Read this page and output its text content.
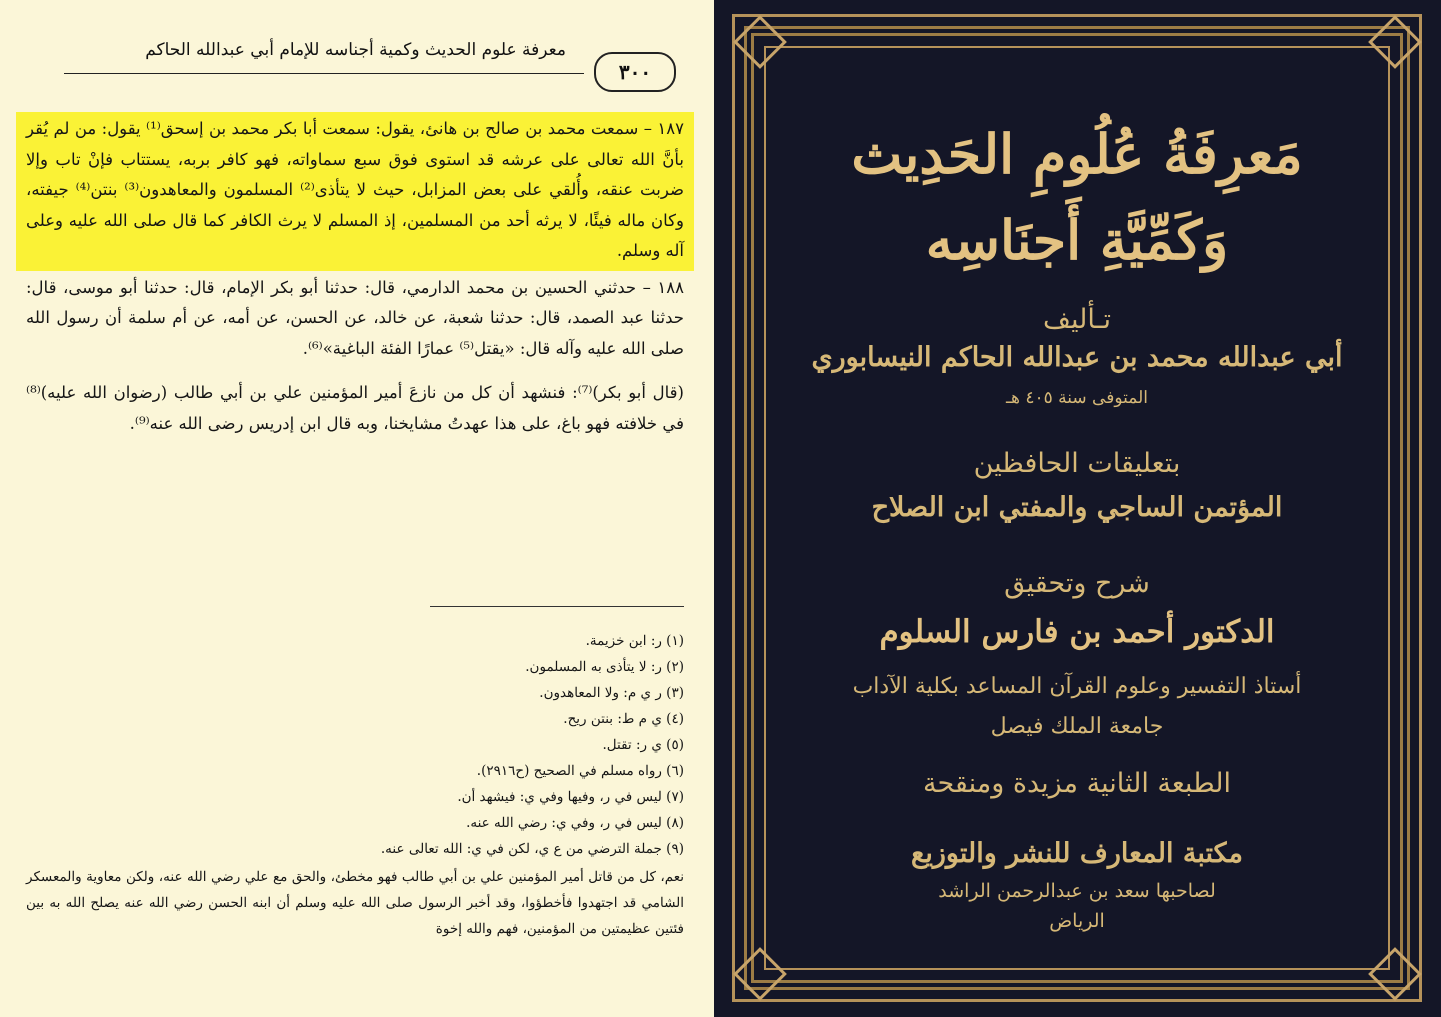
٣٠٠
معرفة علوم الحديث وكمية أجناسه للإمام أبي عبدالله الحاكم

١٨٧ – سمعت محمد بن صالح بن هانئ، يقول: سمعت أبا بكر محمد بن إسحق⁽¹⁾ يقول: من لم يُقر بأنَّ الله تعالى على عرشه قد استوى فوق سبع سماواته، فهو كافر بربه، يستتاب فإنْ تاب وإلا ضربت عنقه، وأُلقي على بعض المزابل، حيث لا يتأذى⁽²⁾ المسلمون والمعاهدون⁽³⁾ بنتن⁽⁴⁾ جيفته، وكان ماله فيئًا، لا يرثه أحد من المسلمين، إذ المسلم لا يرث الكافر كما قال صلى الله عليه وعلى آله وسلم.

١٨٨ – حدثني الحسين بن محمد الدارمي، قال: حدثنا أبو بكر الإمام، قال: حدثنا أبو موسى، قال: حدثنا عبد الصمد، قال: حدثنا شعبة، عن خالد، عن الحسن، عن أمه، عن أم سلمة أن رسول الله صلى الله عليه وآله قال: «يقتل⁽⁵⁾ عمارًا الفئة الباغية»⁽⁶⁾.

(قال أبو بكر)⁽⁷⁾: فنشهد أن كل من نازعَ أمير المؤمنين علي بن أبي طالب (رضوان الله عليه)⁽⁸⁾ في خلافته فهو باغ، على هذا عهدتُ مشايخنا، وبه قال ابن إدريس رضى الله عنه⁽⁹⁾.

(١) ر: ابن خزيمة.
(٢) ر: لا يتأذى به المسلمون.
(٣) ر ي م: ولا المعاهدون.
(٤) ي م ط: بنتن ريح.
(٥) ي ر: تقتل.
(٦) رواه مسلم في الصحيح (ح٢٩١٦).
(٧) ليس في ر، وفيها وفي ي: فيشهد أن.
(٨) ليس في ر، وفي ي: رضي الله عنه.
(٩) جملة الترضي من ع ي، لكن في ي: الله تعالى عنه.
نعم، كل من قاتل أمير المؤمنين علي بن أبي طالب فهو مخطئ، والحق مع علي رضي الله عنه، ولكن معاوية والمعسكر الشامي قد اجتهدوا فأخطؤوا، وقد أخبر الرسول صلى الله عليه وسلم أن ابنه الحسن رضي الله عنه يصلح الله به بين فئتين عظيمتين من المؤمنين، فهم والله إخوة
مَعرِفَةُ عُلُومِ الحَدِيث
وَكَمِّيَّةِ أَجنَاسِه
تـأليف
أبي عبدالله محمد بن عبدالله الحاكم النيسابوري
المتوفى سنة ٤٠٥ هـ
بتعليقات الحافظين
المؤتمن الساجي والمفتي ابن الصلاح
شرح وتحقيق
الدكتور أحمد بن فارس السلوم
أستاذ التفسير وعلوم القرآن المساعد بكلية الآداب
جامعة الملك فيصل
الطبعة الثانية مزيدة ومنقحة
مكتبة المعارف للنشر والتوزيع
لصاحبها سعد بن عبدالرحمن الراشد
الرياض
